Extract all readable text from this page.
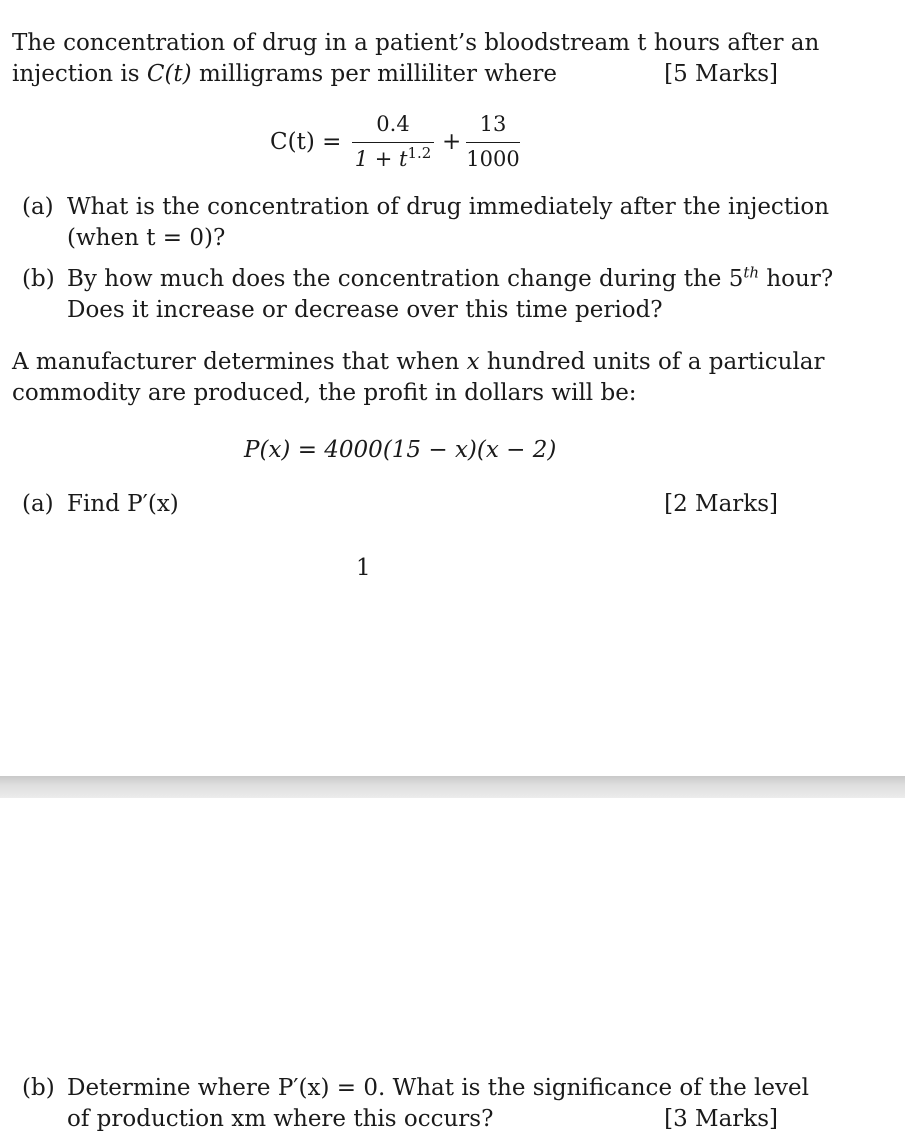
The concentration of drug in a patient’s bloodstream t hours after an
injection is C(t) milligrams per milliliter where	[5 Marks]
C(t) =
0.4
$1 + t^{1.2}$ +
13
1000
(a) What is the concentration of drug immediately after the injection
(when t = 0)?
(b) By how much does the concentration change during the 5th hour?
Does it increase or decrease over this time period?
A manufacturer determines that when x hundred units of a particular
commodity are produced, the profit in dollars will be:
P(x) = 4000(15 − x)(x − 2)
(a) Find P′(x)	[2 Marks]
1
(b) Determine where P′(x) = 0. What is the significance of the level
of production xm where this occurs?	[3 Marks]
